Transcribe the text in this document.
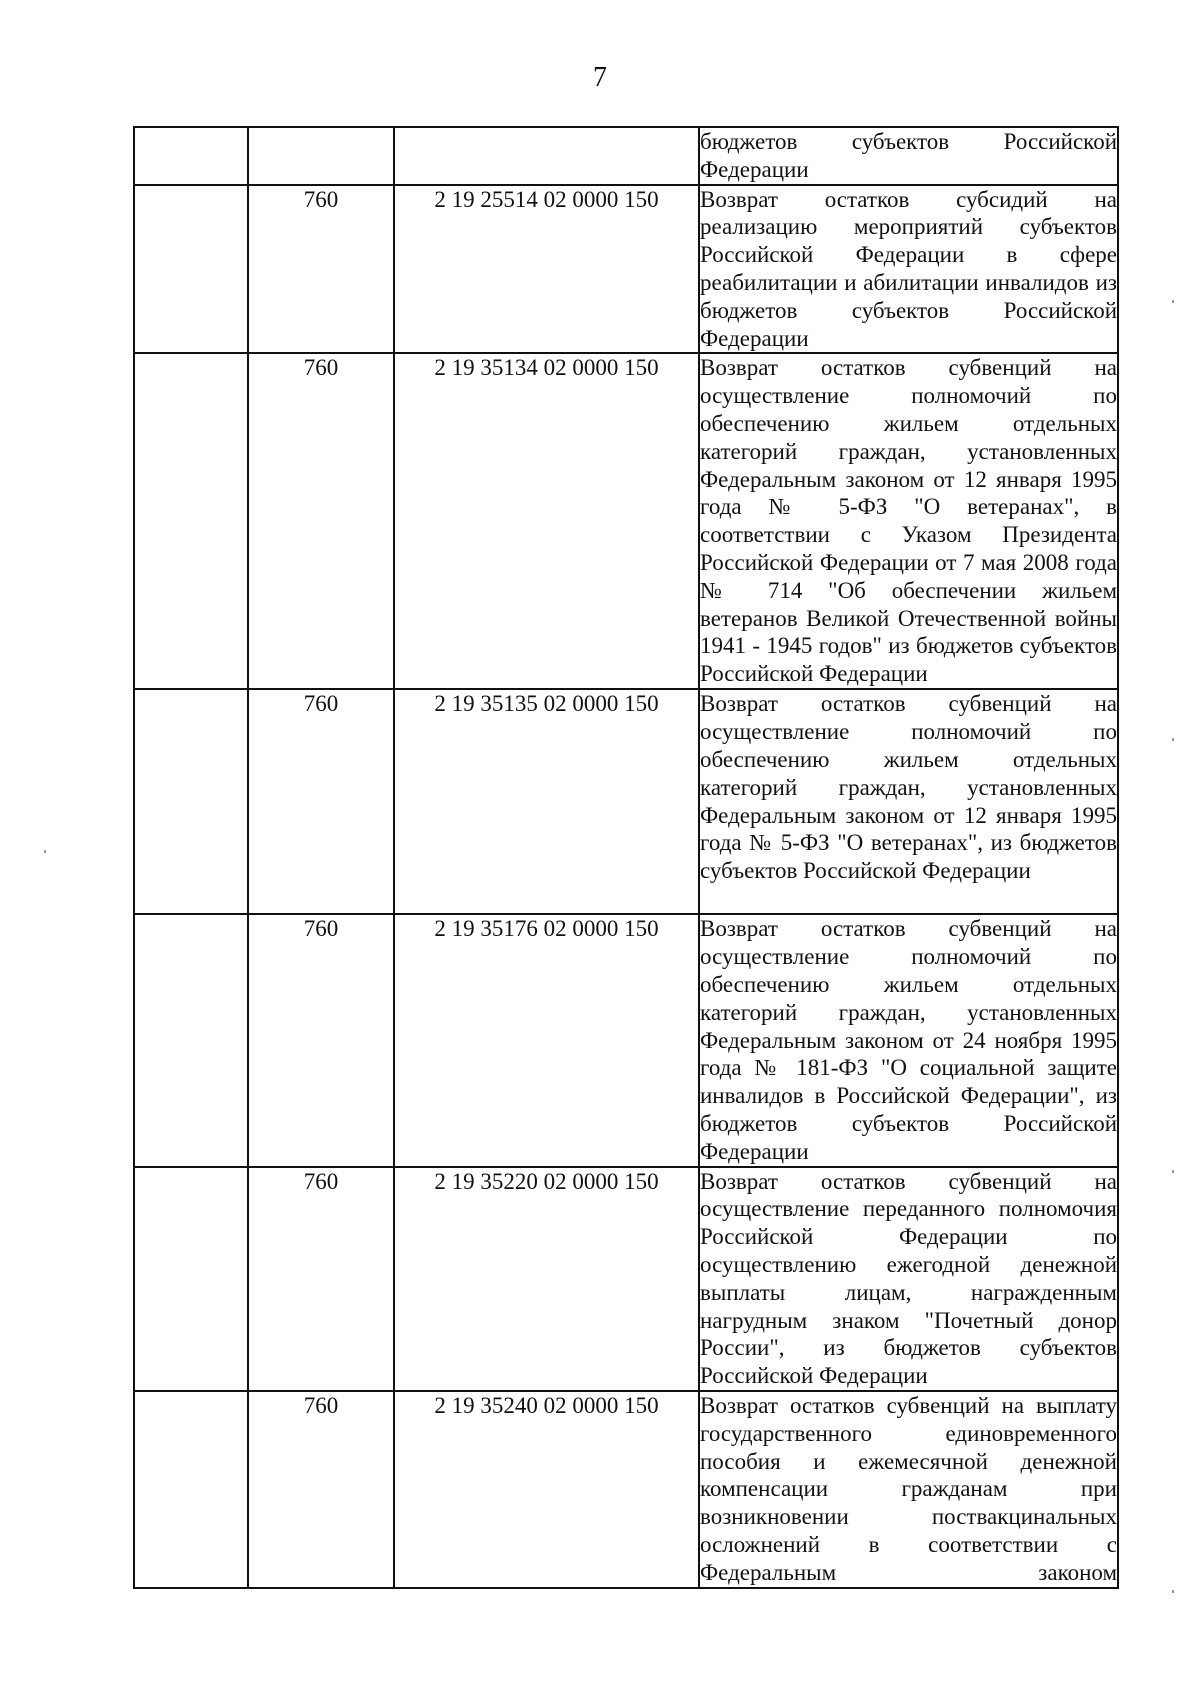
7
			бюджетов субъектов Российской Федерации
	760	2 19 25514 02 0000 150	Возврат остатков субсидий на реализацию мероприятий субъектов Российской Федерации в сфере реабилитации и абилитации инвалидов из бюджетов субъектов Российской Федерации
	760	2 19 35134 02 0000 150	Возврат остатков субвенций на осуществление полномочий по обеспечению жильем отдельных категорий граждан, установленных Федеральным законом от 12 января 1995 года № 5-ФЗ "О ветеранах", в соответствии с Указом Президента Российской Федерации от 7 мая 2008 года № 714 "Об обеспечении жильем ветеранов Великой Отечественной войны 1941 - 1945 годов" из бюджетов субъектов Российской Федерации
	760	2 19 35135 02 0000 150	Возврат остатков субвенций на осуществление полномочий по обеспечению жильем отдельных категорий граждан, установленных Федеральным законом от 12 января 1995 года № 5-ФЗ "О ветеранах", из бюджетов субъектов Российской Федерации
	760	2 19 35176 02 0000 150	Возврат остатков субвенций на осуществление полномочий по обеспечению жильем отдельных категорий граждан, установленных Федеральным законом от 24 ноября 1995 года № 181-ФЗ "О социальной защите инвалидов в Российской Федерации", из бюджетов субъектов Российской Федерации
	760	2 19 35220 02 0000 150	Возврат остатков субвенций на осуществление переданного полномочия Российской Федерации по осуществлению ежегодной денежной выплаты лицам, награжденным нагрудным знаком "Почетный донор России", из бюджетов субъектов Российской Федерации
	760	2 19 35240 02 0000 150	Возврат остатков субвенций на выплату государственного единовременного пособия и ежемесячной денежной компенсации гражданам при возникновении поствакцинальных осложнений в соответствии с Федеральным законом
